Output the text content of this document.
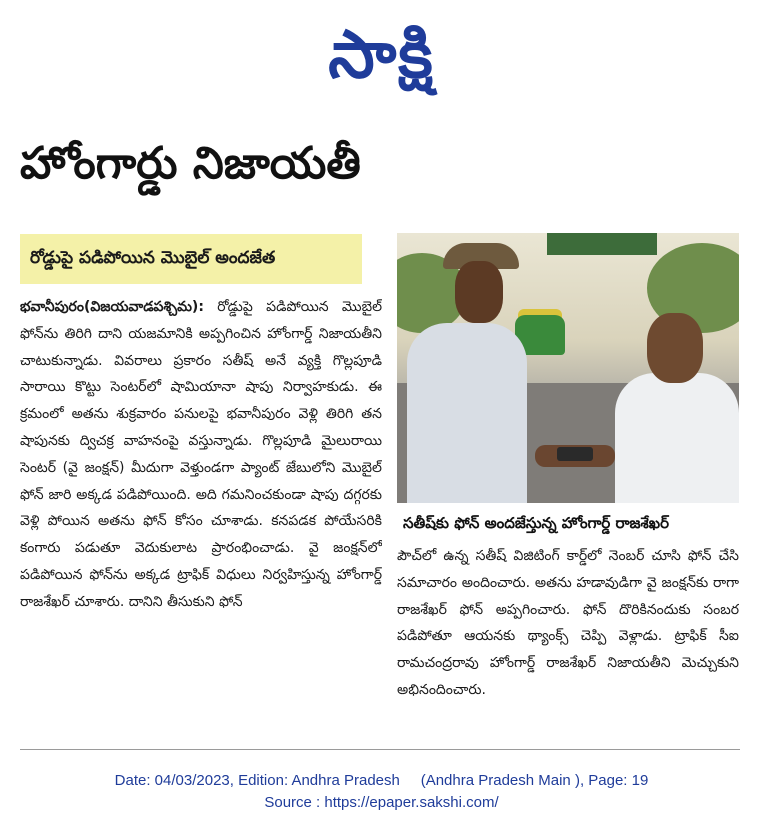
సాక్షి
హోంగార్డు నిజాయతీ
రోడ్డుపై పడిపోయిన మొబైల్ అందజేత

భవానీపురం(విజయవాడపశ్చిమ): రోడ్డుపై పడిపోయిన మొబైల్ ఫోన్‌ను తిరిగి దాని యజమానికి అప్పగించిన హోంగార్డ్ నిజాయతీని చాటుకున్నాడు. వివరాలు ప్రకారం సతీష్ అనే వ్యక్తి గొల్లపూడి సారాయి కొట్టు సెంటర్‌లో షామియానా షాపు నిర్వాహకుడు. ఈ క్రమంలో అతను శుక్రవారం పనులపై భవానీపురం వెళ్లి తిరిగి తన షాపునకు ద్విచక్ర వాహనంపై వస్తున్నాడు. గొల్లపూడి మైలురాయి సెంటర్ (వై జంక్షన్) మీదుగా వెళ్తుండగా ప్యాంట్ జేబులోని మొబైల్ ఫోన్ జారి అక్కడ పడిపోయింది. అది గమనించకుండా షాపు దగ్గరకు వెళ్లి పోయిన అతను ఫోన్ కోసం చూశాడు. కనపడక పోయేసరికి కంగారు పడుతూ వెదుకులాట ప్రారంభించాడు. వై జంక్షన్‌లో పడిపోయిన ఫోన్‌ను అక్కడ ట్రాఫిక్ విధులు నిర్వహిస్తున్న హోంగార్డ్ రాజశేఖర్ చూశారు. దానిని తీసుకుని ఫోన్

సతీష్‌కు ఫోన్ అందజేస్తున్న హోంగార్డ్ రాజశేఖర్

పౌచ్‌లో ఉన్న సతీష్ విజిటింగ్ కార్డ్‌లో నెంబర్ చూసి ఫోన్ చేసి సమాచారం అందించారు. అతను హడావుడిగా వై జంక్షన్‌కు రాగా రాజశేఖర్ ఫోన్ అప్పగించారు. ఫోన్ దొరికినందుకు సంబర పడిపోతూ ఆయనకు థ్యాంక్స్ చెప్పి వెళ్లాడు. ట్రాఫిక్ సీఐ రామచంద్రరావు హోంగార్డ్ రాజశేఖర్ నిజాయతీని మెచ్చుకుని అభినందించారు.

Date: 04/03/2023, Edition: Andhra Pradesh     (Andhra Pradesh Main ), Page: 19
Source : https://epaper.sakshi.com/
